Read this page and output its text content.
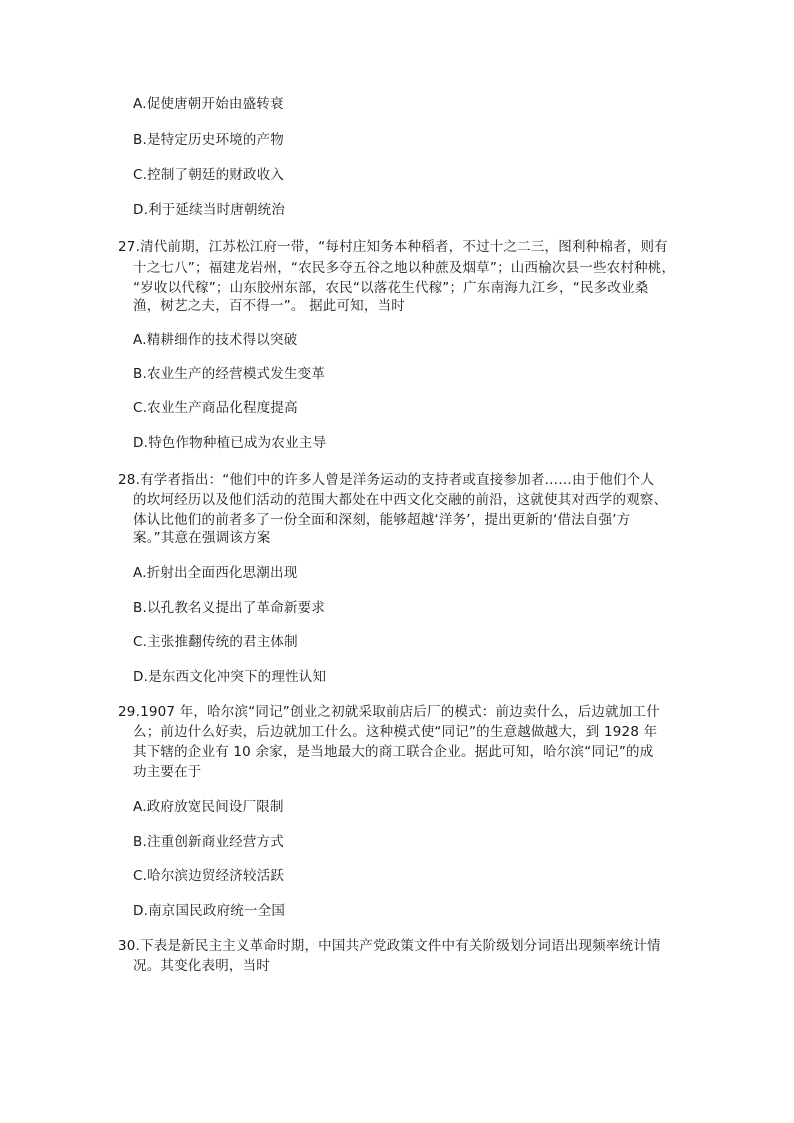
A.促使唐朝开始由盛转衰
B.是特定历史环境的产物
C.控制了朝廷的财政收入
D.利于延续当时唐朝统治
27.清代前期，江苏松江府一带，“每村庄知务本种稻者，不过十之二三，图利种棉者，则有
十之七八”；福建龙岩州，“农民多夺五谷之地以种蔗及烟草”；山西榆次县一些农村种桃，
“岁收以代稼”；山东胶州东部，农民“以落花生代稼”；广东南海九江乡，“民多改业桑
渔，树艺之夫，百不得一”。 据此可知，当时
A.精耕细作的技术得以突破
B.农业生产的经营模式发生变革
C.农业生产商品化程度提高
D.特色作物种植已成为农业主导
28.有学者指出：“他们中的许多人曾是洋务运动的支持者或直接参加者……由于他们个人
的坎坷经历以及他们活动的范围大都处在中西文化交融的前沿，这就使其对西学的观察、
体认比他们的前者多了一份全面和深刻，能够超越‘洋务’，提出更新的‘借法自强’方
案。”其意在强调该方案
A.折射出全面西化思潮出现
B.以孔教名义提出了革命新要求
C.主张推翻传统的君主体制
D.是东西文化冲突下的理性认知
29.1907 年，哈尔滨“同记”创业之初就采取前店后厂的模式：前边卖什么，后边就加工什
么；前边什么好卖，后边就加工什么。这种模式使“同记”的生意越做越大，到 1928 年
其下辖的企业有 10 余家，是当地最大的商工联合企业。据此可知，哈尔滨“同记”的成
功主要在于
A.政府放宽民间设厂限制
B.注重创新商业经营方式
C.哈尔滨边贸经济较活跃
D.南京国民政府统一全国
30.下表是新民主主义革命时期，中国共产党政策文件中有关阶级划分词语出现频率统计情
况。其变化表明，当时
